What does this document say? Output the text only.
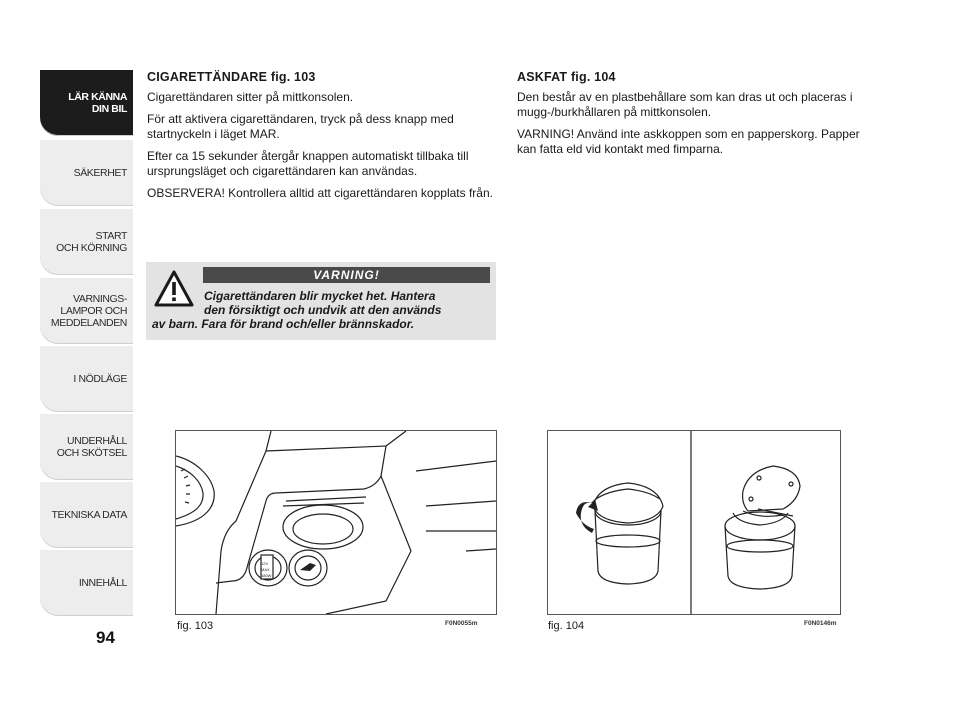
LÄR KÄNNA
DIN BIL
SÄKERHET
START
OCH KÖRNING
VARNINGS-
LAMPOR OCH
MEDDELANDEN
I NÖDLÄGE
UNDERHÅLL
OCH SKÖTSEL
TEKNISKA DATA
INNEHÅLL
94
CIGARETTÄNDARE fig. 103

Cigarettändaren sitter på mittkonsolen.

För att aktivera cigarettändaren, tryck på dess knapp med startnyckeln i läget MAR.

Efter ca 15 sekunder återgår knappen automatiskt tillbaka till ursprungsläget och cigarettändaren kan användas.

OBSERVERA! Kontrollera alltid att cigarettändaren kopplats från.

VARNING!
Cigarettändaren blir mycket het. Hantera
den försiktigt och undvik att den används
av barn. Fara för brand och/eller brännskador.
ASKFAT fig. 104

Den består av en plastbehållare som kan dras ut och placeras i mugg-/burkhållaren på mittkonsolen.

VARNING! Använd inte askkoppen som en papperskorg. Papper kan fatta eld vid kontakt med fimparna.

12V
MAX
180W
fig. 103	F0N0055m	fig. 104	F0N0146m
